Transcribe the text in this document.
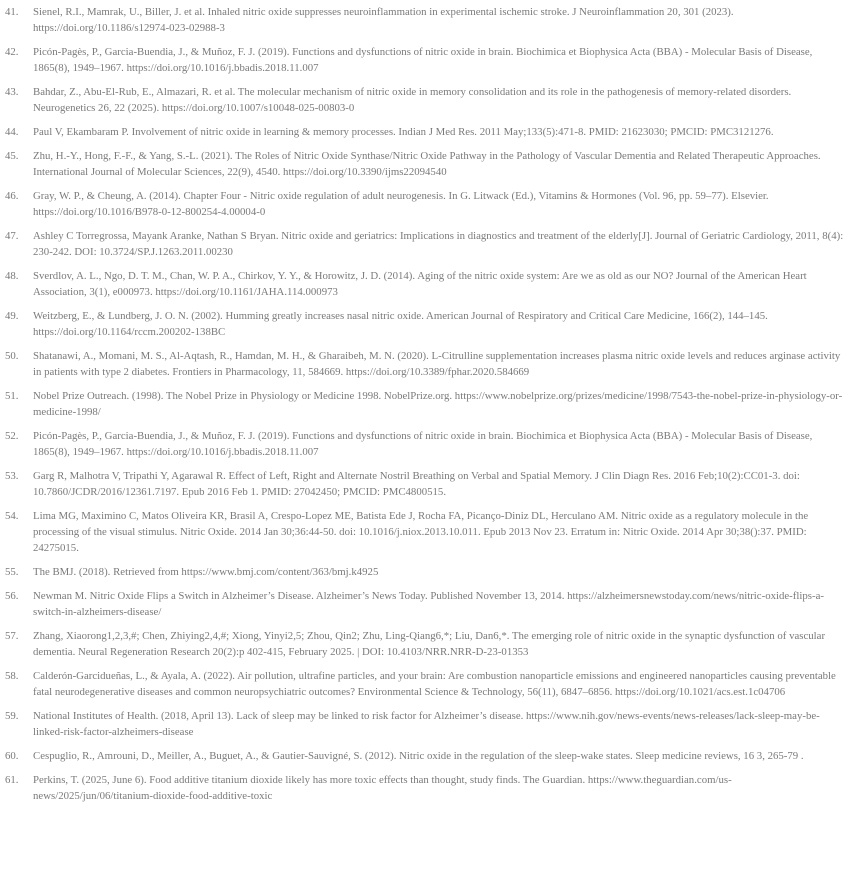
41.	Sienel, R.I., Mamrak, U., Biller, J. et al. Inhaled nitric oxide suppresses neuroinflammation in experimental ischemic stroke. J Neuroinflammation 20, 301 (2023). https://doi.org/10.1186/s12974-023-02988-3
42.	Picón-Pagès, P., Garcia-Buendia, J., & Muñoz, F. J. (2019). Functions and dysfunctions of nitric oxide in brain. Biochimica et Biophysica Acta (BBA) - Molecular Basis of Disease, 1865(8), 1949–1967. https://doi.org/10.1016/j.bbadis.2018.11.007
43.	Bahdar, Z., Abu-El-Rub, E., Almazari, R. et al. The molecular mechanism of nitric oxide in memory consolidation and its role in the pathogenesis of memory-related disorders. Neurogenetics 26, 22 (2025). https://doi.org/10.1007/s10048-025-00803-0
44.	Paul V, Ekambaram P. Involvement of nitric oxide in learning & memory processes. Indian J Med Res. 2011 May;133(5):471-8. PMID: 21623030; PMCID: PMC3121276.
45.	Zhu, H.-Y., Hong, F.-F., & Yang, S.-L. (2021). The Roles of Nitric Oxide Synthase/Nitric Oxide Pathway in the Pathology of Vascular Dementia and Related Therapeutic Approaches. International Journal of Molecular Sciences, 22(9), 4540. https://doi.org/10.3390/ijms22094540
46.	Gray, W. P., & Cheung, A. (2014). Chapter Four - Nitric oxide regulation of adult neurogenesis. In G. Litwack (Ed.), Vitamins & Hormones (Vol. 96, pp. 59–77). Elsevier. https://doi.org/10.1016/B978-0-12-800254-4.00004-0
47.	Ashley C Torregrossa, Mayank Aranke, Nathan S Bryan. Nitric oxide and geriatrics: Implications in diagnostics and treatment of the elderly[J]. Journal of Geriatric Cardiology, 2011, 8(4): 230-242. DOI: 10.3724/SP.J.1263.2011.00230
48.	Sverdlov, A. L., Ngo, D. T. M., Chan, W. P. A., Chirkov, Y. Y., & Horowitz, J. D. (2014). Aging of the nitric oxide system: Are we as old as our NO? Journal of the American Heart Association, 3(1), e000973. https://doi.org/10.1161/JAHA.114.000973
49.	Weitzberg, E., & Lundberg, J. O. N. (2002). Humming greatly increases nasal nitric oxide. American Journal of Respiratory and Critical Care Medicine, 166(2), 144–145. https://doi.org/10.1164/rccm.200202-138BC
50.	Shatanawi, A., Momani, M. S., Al-Aqtash, R., Hamdan, M. H., & Gharaibeh, M. N. (2020). L-Citrulline supplementation increases plasma nitric oxide levels and reduces arginase activity in patients with type 2 diabetes. Frontiers in Pharmacology, 11, 584669. https://doi.org/10.3389/fphar.2020.584669
51.	Nobel Prize Outreach. (1998). The Nobel Prize in Physiology or Medicine 1998. NobelPrize.org. https://www.nobelprize.org/prizes/medicine/1998/7543-the-nobel-prize-in-physiology-or-medicine-1998/
52.	Picón-Pagès, P., Garcia-Buendia, J., & Muñoz, F. J. (2019). Functions and dysfunctions of nitric oxide in brain. Biochimica et Biophysica Acta (BBA) - Molecular Basis of Disease, 1865(8), 1949–1967. https://doi.org/10.1016/j.bbadis.2018.11.007
53.	Garg R, Malhotra V, Tripathi Y, Agarawal R. Effect of Left, Right and Alternate Nostril Breathing on Verbal and Spatial Memory. J Clin Diagn Res. 2016 Feb;10(2):CC01-3. doi: 10.7860/JCDR/2016/12361.7197. Epub 2016 Feb 1. PMID: 27042450; PMCID: PMC4800515.
54.	Lima MG, Maximino C, Matos Oliveira KR, Brasil A, Crespo-Lopez ME, Batista Ede J, Rocha FA, Picanço-Diniz DL, Herculano AM. Nitric oxide as a regulatory molecule in the processing of the visual stimulus. Nitric Oxide. 2014 Jan 30;36:44-50. doi: 10.1016/j.niox.2013.10.011. Epub 2013 Nov 23. Erratum in: Nitric Oxide. 2014 Apr 30;38():37. PMID: 24275015.
55.	The BMJ. (2018). Retrieved from https://www.bmj.com/content/363/bmj.k4925
56.	Newman M. Nitric Oxide Flips a Switch in Alzheimer’s Disease. Alzheimer’s News Today. Published November 13, 2014. https://alzheimersnewstoday.com/news/nitric-oxide-flips-a-switch-in-alzheimers-disease/
57.	Zhang, Xiaorong1,2,3,#; Chen, Zhiying2,4,#; Xiong, Yinyi2,5; Zhou, Qin2; Zhu, Ling-Qiang6,*; Liu, Dan6,*. The emerging role of nitric oxide in the synaptic dysfunction of vascular dementia. Neural Regeneration Research 20(2):p 402-415, February 2025. | DOI: 10.4103/NRR.NRR-D-23-01353
58.	Calderón-Garcidueñas, L., & Ayala, A. (2022). Air pollution, ultrafine particles, and your brain: Are combustion nanoparticle emissions and engineered nanoparticles causing preventable fatal neurodegenerative diseases and common neuropsychiatric outcomes? Environmental Science & Technology, 56(11), 6847–6856. https://doi.org/10.1021/acs.est.1c04706
59.	National Institutes of Health. (2018, April 13). Lack of sleep may be linked to risk factor for Alzheimer’s disease. https://www.nih.gov/news-events/news-releases/lack-sleep-may-be-linked-risk-factor-alzheimers-disease
60.	Cespuglio, R., Amrouni, D., Meiller, A., Buguet, A., & Gautier-Sauvigné, S. (2012). Nitric oxide in the regulation of the sleep-wake states. Sleep medicine reviews, 16 3, 265-79 .
61.	Perkins, T. (2025, June 6). Food additive titanium dioxide likely has more toxic effects than thought, study finds. The Guardian. https://www.theguardian.com/us-news/2025/jun/06/titanium-dioxide-food-additive-toxic
